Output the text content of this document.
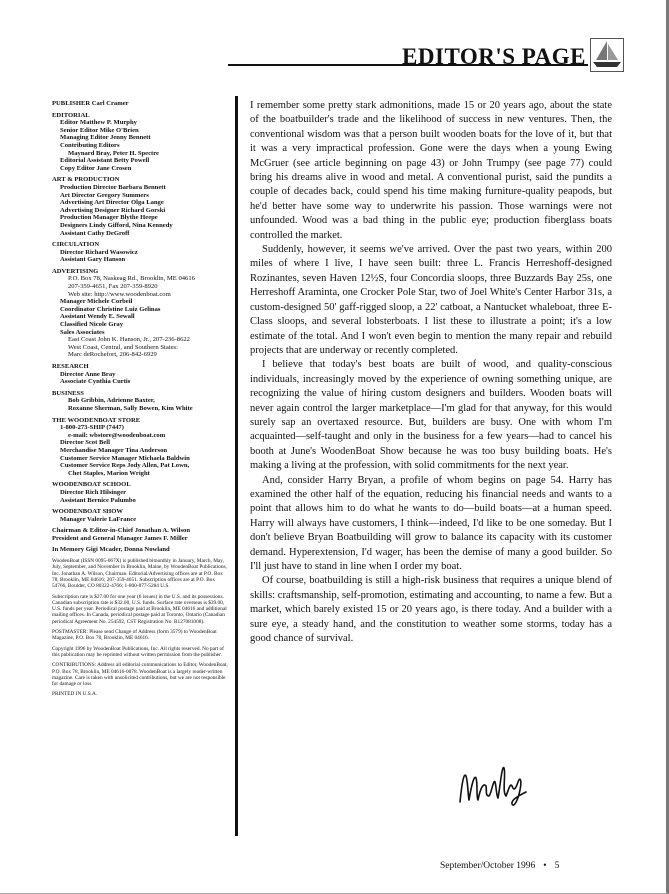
EDITOR'S PAGE
PUBLISHER Carl Cramer
EDITORIAL
Editor Matthew P. Murphy
Senior Editor Mike O'Brien
Managing Editor Jenny Bennett
Contributing Editors
Maynard Bray, Peter H. Spectre
Editorial Assistant Betty Powell
Copy Editor Jane Crosen
ART & PRODUCTION
Production Director Barbara Bennett
Art Director Gregory Summers
Advertising Art Director Olga Lange
Advertising Designer Richard Gorski
Production Manager Blythe Heepe
Designers Lindy Gifford, Nina Kennedy
Assistant Cathy DeGroff
CIRCULATION
Director Richard Wasowicz
Assistant Gary Hanson
ADVERTISING
P.O. Box 78, Naskeag Rd., Brooklin, ME 04616
207-359-4651, Fax 207-359-8920
Web site: http://www.woodenboat.com
Manager Michele Corbeil
Coordinator Christine Luiz Gelinas
Assistant Wendy E. Sewall
Classified Nicole Gray
Sales Associates
East Coast John K. Hanson, Jr., 207-236-8622
West Coast, Central, and Southern States:
Marc deRochefort, 206-842-6929
RESEARCH
Director Anne Bray
Associate Cynthia Curtis
BUSINESS
Bob Gribbin, Adrienne Baxter,
Roxanne Sherman, Sally Bowen, Kim White
THE WOODENBOAT STORE
1-800-273-SHIP (7447)
e-mail: wbstore@woodenboat.com
Director Scot Bell
Merchandise Manager Tina Anderson
Customer Service Manager Michaela Baldwin
Customer Service Reps Jody Allen, Pat Lown,
Chet Staples, Marion Wright
WOODENBOAT SCHOOL
Director Rich Hilsinger
Assistant Bernice Palumbo
WOODENBOAT SHOW
Manager Valerie LaFrance
Chairman & Editor-in-Chief Jonathan A. Wilson
President and General Manager James F. Miller
In Memory Gigi Mcader, Donna Nowland
WoodenBoat (ISSN 0095-067X) is published bimonthly in January, March, May, July, September, and November in Brooklin, Maine, by WoodenBoat Publications, Inc. Jonathan A. Wilson, Chairman. Editorial/Advertising offices are at P.O. Box 78, Brooklin, ME 04616; 207-359-4651. Subscription offices are at P.O. Box 54766, Boulder, CO 80322-4766; 1-800-877-5284 U.S.
Subscription rate is $27.00 for one year (6 issues) in the U.S. and its possessions. Canadian subscription rate is $32.00, U.S. funds. Surface rate overseas is $39.00, U.S. funds per year. Periodical postage paid at Brooklin, ME 04616 and additional mailing offices. In Canada, periodical postage paid at Toronto, Ontario (Canadian periodical Agreement No. 254592, CST Registration No. R127081008).
POSTMASTER: Please send Change of Address (form 3579) to WoodenBoat Magazine, P.O. Box 78, Brooklin, ME 04616.
Copyright 1996 by WoodenBoat Publications, Inc. All rights reserved. No part of this publication may be reprinted without written permission from the publisher.
CONTRIBUTIONS: Address all editorial communications to Editor, WoodenBoat, P.O. Box 78, Brooklin, ME 04616-0078. WoodenBoat is a largely reader-written magazine. Care is taken with unsolicited contributions, but we are not responsible for damage or loss.
PRINTED IN U.S.A.

I remember some pretty stark admonitions, made 15 or 20 years ago, about the state of the boatbuilder's trade and the likelihood of success in new ventures. Then, the conventional wisdom was that a person built wooden boats for the love of it, but that it was a very impractical profession. Gone were the days when a young Ewing McGruer (see article beginning on page 43) or John Trumpy (see page 77) could bring his dreams alive in wood and metal. A conventional purist, said the pundits a couple of decades back, could spend his time making furniture-quality peapods, but he'd better have some way to underwrite his passion. Those warnings were not unfounded. Wood was a bad thing in the public eye; production fiberglass boats controlled the market.

Suddenly, however, it seems we've arrived. Over the past two years, within 200 miles of where I live, I have seen built: three L. Francis Herreshoff-designed Rozinantes, seven Haven 12½S, four Concordia sloops, three Buzzards Bay 25s, one Herreshoff Araminta, one Crocker Pole Star, two of Joel White's Center Harbor 31s, a custom-designed 50' gaff-rigged sloop, a 22' catboat, a Nantucket whaleboat, three E-Class sloops, and several lobsterboats. I list these to illustrate a point; it's a low estimate of the total. And I won't even begin to mention the many repair and rebuild projects that are underway or recently completed.

I believe that today's best boats are built of wood, and quality-conscious individuals, increasingly moved by the experience of owning something unique, are recognizing the value of hiring custom designers and builders. Wooden boats will never again control the larger marketplace—I'm glad for that anyway, for this would surely sap an overtaxed resource. But, builders are busy. One with whom I'm acquainted—self-taught and only in the business for a few years—had to cancel his booth at June's WoodenBoat Show because he was too busy building boats. He's making a living at the profession, with solid commitments for the next year.

And, consider Harry Bryan, a profile of whom begins on page 54. Harry has examined the other half of the equation, reducing his financial needs and wants to a point that allows him to do what he wants to do—build boats—at a human speed. Harry will always have customers, I think—indeed, I'd like to be one someday. But I don't believe Bryan Boatbuilding will grow to balance its capacity with its customer demand. Hyperextension, I'd wager, has been the demise of many a good builder. So I'll just have to stand in line when I order my boat.

Of course, boatbuilding is still a high-risk business that requires a unique blend of skills: craftsmanship, self-promotion, estimating and accounting, to name a few. But a market, which barely existed 15 or 20 years ago, is there today. And a builder with a sure eye, a steady hand, and the constitution to weather some storms, today has a good chance of survival.

September/October 1996 • 5
